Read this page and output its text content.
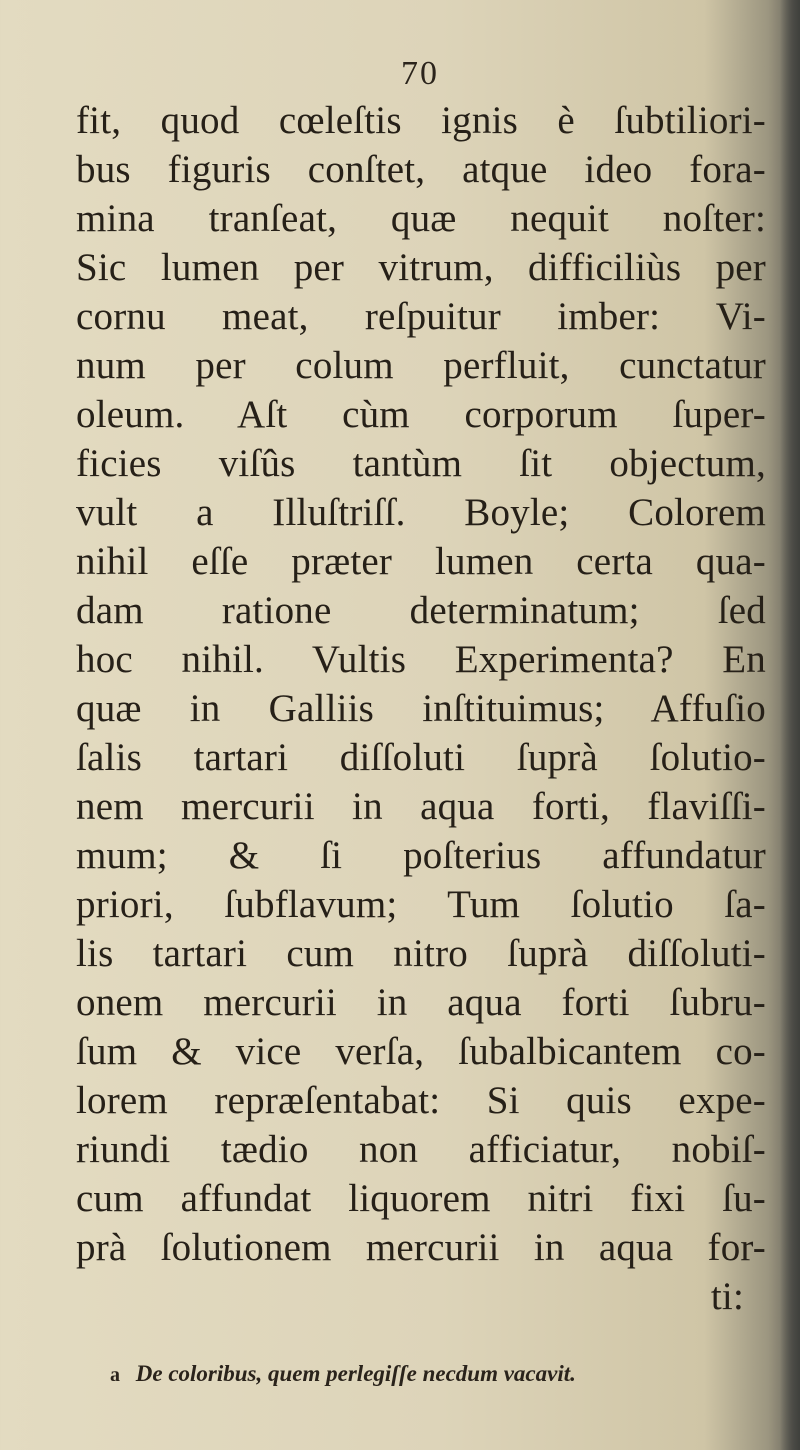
70
fit, quod cœleſtis ignis è ſubtiliori-
bus figuris conſtet, atque ideo fora-
mina tranſeat, quæ nequit noſter:
Sic lumen per vitrum, difficiliùs per
cornu meat, reſpuitur imber: Vi-
num per colum perfluit, cunctatur
oleum. Aſt cùm corporum ſuper-
ficies viſûs tantùm ſit objectum,
vult a Illuſtriſſ. Boyle; Colorem
nihil eſſe præter lumen certa qua-
dam ratione determinatum; ſed
hoc nihil. Vultis Experimenta? En
quæ in Galliis inſtituimus; Affuſio
ſalis tartari diſſoluti ſuprà ſolutio-
nem mercurii in aqua forti, flaviſſi-
mum; & ſi poſterius affundatur
priori, ſubflavum; Tum ſolutio ſa-
lis tartari cum nitro ſuprà diſſoluti-
onem mercurii in aqua forti ſubru-
ſum & vice verſa, ſubalbicantem co-
lorem repræſentabat: Si quis expe-
riundi tædio non afficiatur, nobiſ-
cum affundat liquorem nitri fixi ſu-
prà ſolutionem mercurii in aqua for-
ti:
a De coloribus, quem perlegiſſe necdum vacavit.
